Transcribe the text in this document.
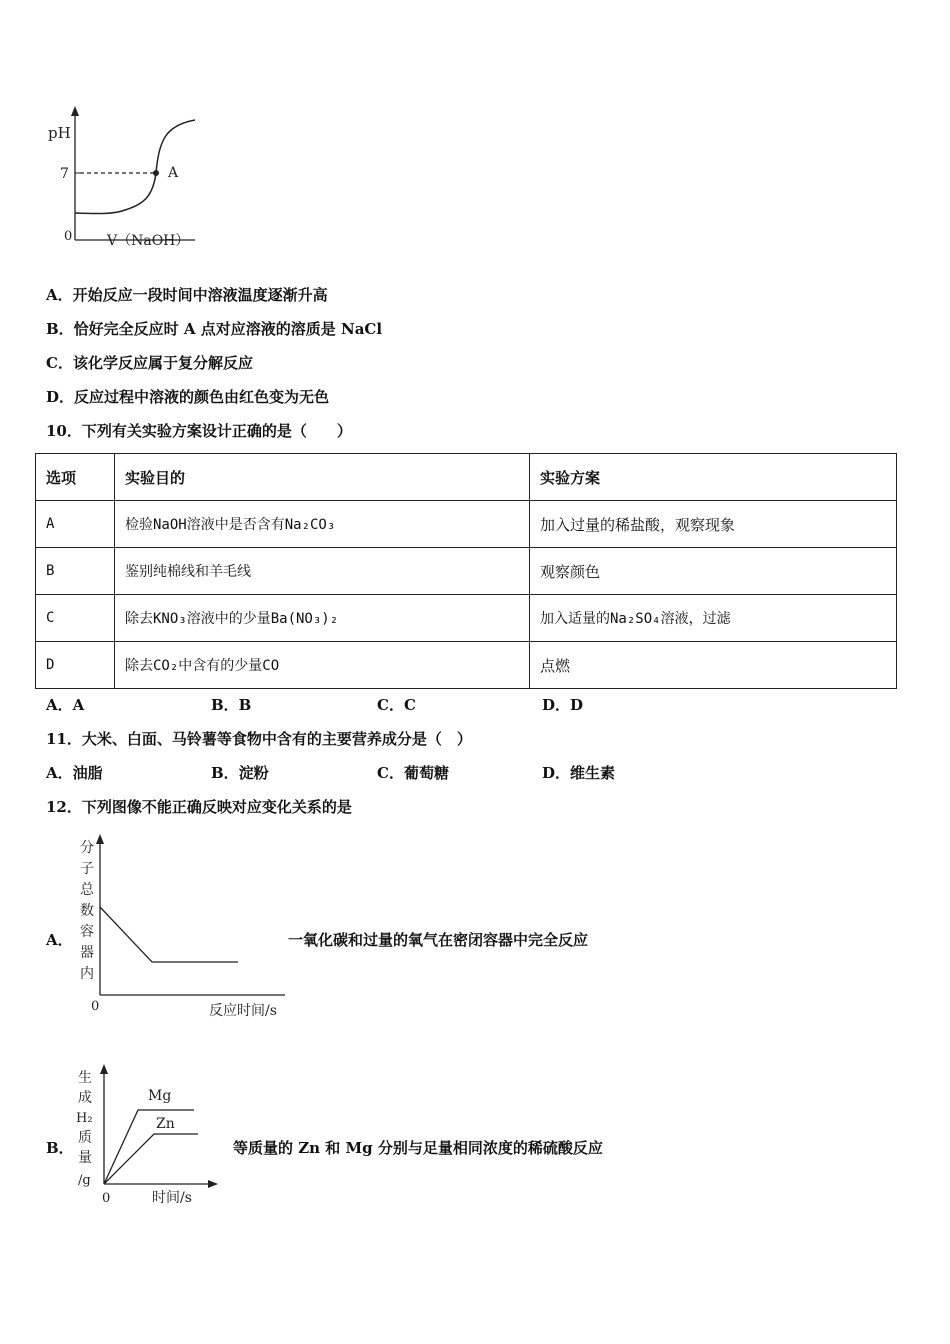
pH
7	A
0 V（NaOH）
A．开始反应一段时间中溶液温度逐渐升高
B．恰好完全反应时 A 点对应溶液的溶质是 NaCl
C．该化学反应属于复分解反应
D．反应过程中溶液的颜色由红色变为无色
10．下列有关实验方案设计正确的是（　　）
选项	实验目的	实验方案
A	检验NaOH溶液中是否含有Na₂CO₃	加入过量的稀盐酸，观察现象
B	鉴别纯棉线和羊毛线	观察颜色
C	除去KNO₃溶液中的少量Ba(NO₃)₂	加入适量的Na₂SO₄溶液，过滤
D	除去CO₂中含有的少量CO	点燃
A．A	B．B	C．C	D．D
11．大米、白面、马铃薯等食物中含有的主要营养成分是（　）
A．油脂	B．淀粉	C．葡萄糖	D．维生素
12．下列图像不能正确反映对应变化关系的是
A．
分
子
总
数
容
器
内
0	反应时间/s
一氧化碳和过量的氧气在密闭容器中完全反应
B．
生
成
H₂
质
量
/g
Mg
Zn
0	时间/s
等质量的 Zn 和 Mg 分别与足量相同浓度的稀硫酸反应
